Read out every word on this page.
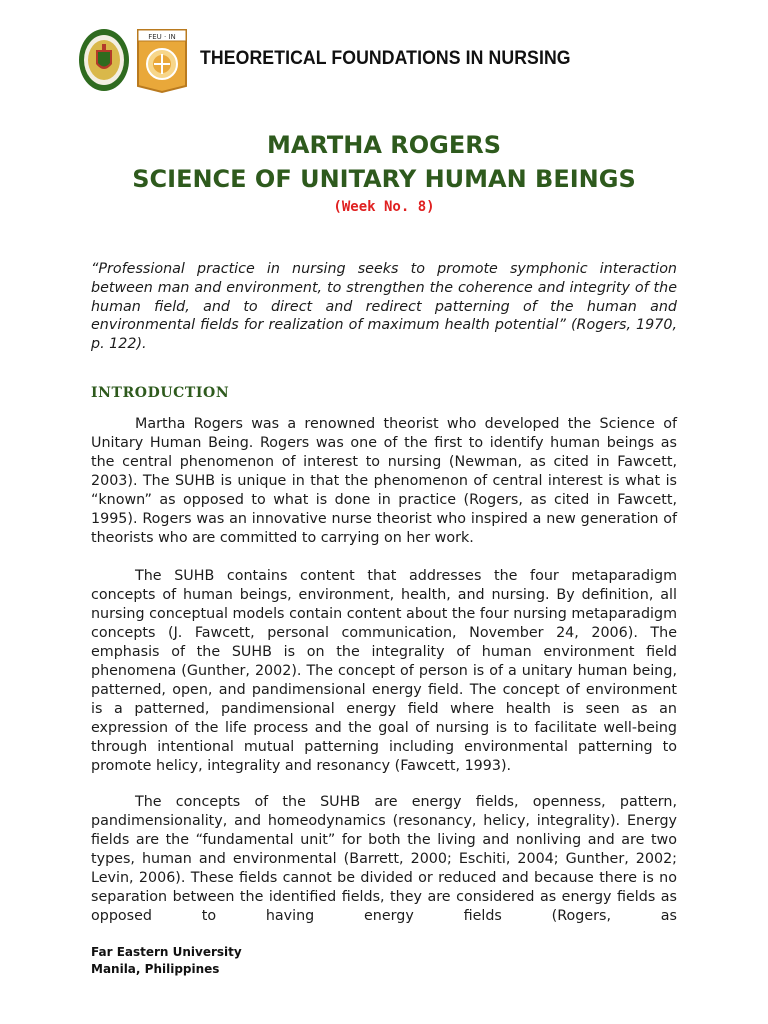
FEU · IN
THEORETICAL FOUNDATIONS IN NURSING
MARTHA ROGERS
SCIENCE OF UNITARY HUMAN BEINGS
(Week No. 8)
“Professional practice in nursing seeks to promote symphonic interaction between man and environment, to strengthen the coherence and integrity of the human field, and to direct and redirect patterning of the human and environmental fields for realization of maximum health potential” (Rogers, 1970, p. 122).
INTRODUCTION

Martha Rogers was a renowned theorist who developed the Science of Unitary Human Being. Rogers was one of the first to identify human beings as the central phenomenon of interest to nursing (Newman, as cited in Fawcett, 2003). The SUHB is unique in that the phenomenon of central interest is what is “known” as opposed to what is done in practice (Rogers, as cited in Fawcett, 1995). Rogers was an innovative nurse theorist who inspired a new generation of theorists who are committed to carrying on her work.

The SUHB contains content that addresses the four metaparadigm concepts of human beings, environment, health, and nursing. By definition, all nursing conceptual models contain content about the four nursing metaparadigm concepts (J. Fawcett, personal communication, November 24, 2006). The emphasis of the SUHB is on the integrality of human environment field phenomena (Gunther, 2002). The concept of person is of a unitary human being, patterned, open, and pandimensional energy field. The concept of environment is a patterned, pandimensional energy field where health is seen as an expression of the life process and the goal of nursing is to facilitate well-being through intentional mutual patterning including environmental patterning to promote helicy, integrality and resonancy (Fawcett, 1993).

The concepts of the SUHB are energy fields, openness, pattern, pandimensionality, and homeodynamics (resonancy, helicy, integrality). Energy fields are the “fundamental unit” for both the living and nonliving and are two types, human and environmental (Barrett, 2000; Eschiti, 2004; Gunther, 2002; Levin, 2006). These fields cannot be divided or reduced and because there is no separation between the identified fields, they are considered as energy fields as opposed to having energy fields (Rogers, as

Far Eastern University
Manila, Philippines
